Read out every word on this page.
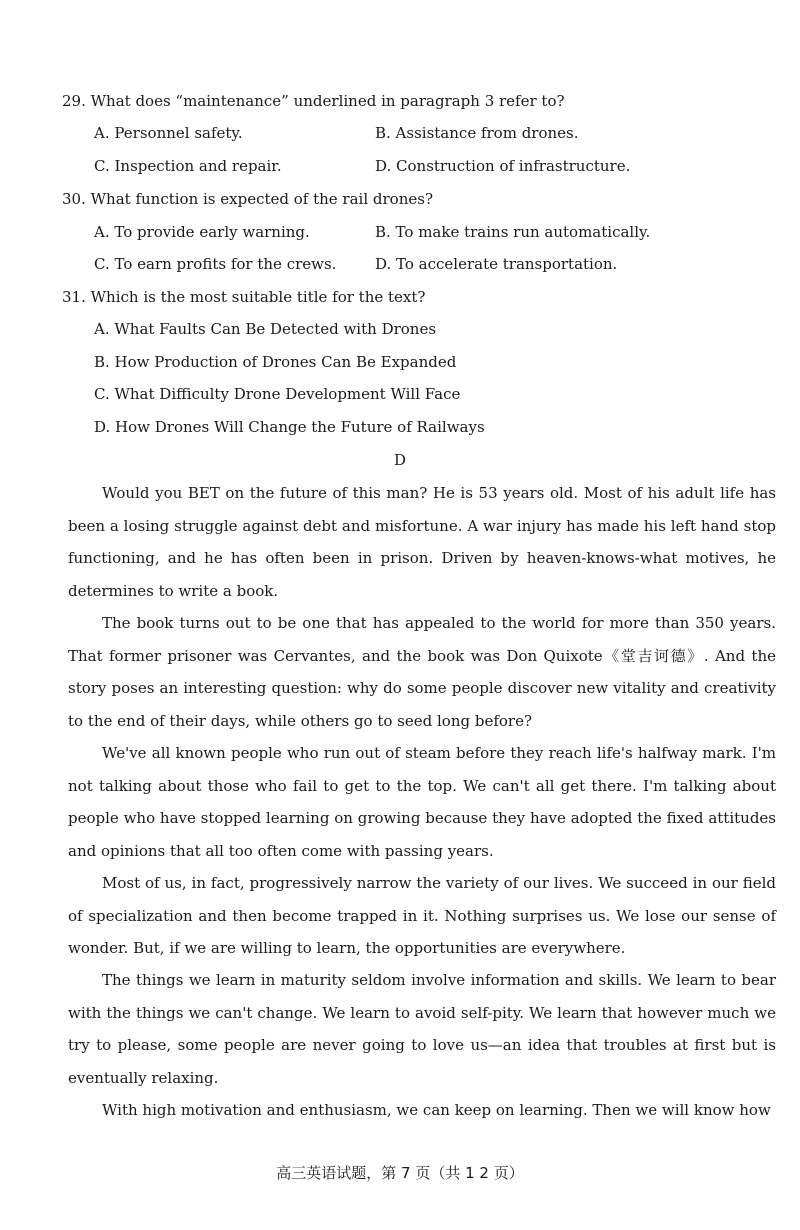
29. What does “maintenance” underlined in paragraph 3 refer to?
A. Personnel safety.	B. Assistance from drones.
C. Inspection and repair.	D. Construction of infrastructure.
30. What function is expected of the rail drones?
A. To provide early warning.	B. To make trains run automatically.
C. To earn profits for the crews.	D. To accelerate transportation.
31. Which is the most suitable title for the text?
A. What Faults Can Be Detected with Drones
B. How Production of Drones Can Be Expanded
C. What Difficulty Drone Development Will Face
D. How Drones Will Change the Future of Railways
D

Would you BET on the future of this man? He is 53 years old. Most of his adult life has been a losing struggle against debt and misfortune. A war injury has made his left hand stop functioning, and he has often been in prison. Driven by heaven-knows-what motives, he determines to write a book.

The book turns out to be one that has appealed to the world for more than 350 years. That former prisoner was Cervantes, and the book was Don Quixote《堂吉诃德》. And the story poses an interesting question: why do some people discover new vitality and creativity to the end of their days, while others go to seed long before?

We've all known people who run out of steam before they reach life's halfway mark. I'm not talking about those who fail to get to the top. We can't all get there. I'm talking about people who have stopped learning on growing because they have adopted the fixed attitudes and opinions that all too often come with passing years.

Most of us, in fact, progressively narrow the variety of our lives. We succeed in our field of specialization and then become trapped in it. Nothing surprises us. We lose our sense of wonder. But, if we are willing to learn, the opportunities are everywhere.

The things we learn in maturity seldom involve information and skills. We learn to bear with the things we can't change. We learn to avoid self-pity. We learn that however much we try to please, some people are never going to love us—an idea that troubles at first but is eventually relaxing.

With high motivation and enthusiasm, we can keep on learning. Then we will know how

高三英语试题，第 7 页（共 1 2 页）
